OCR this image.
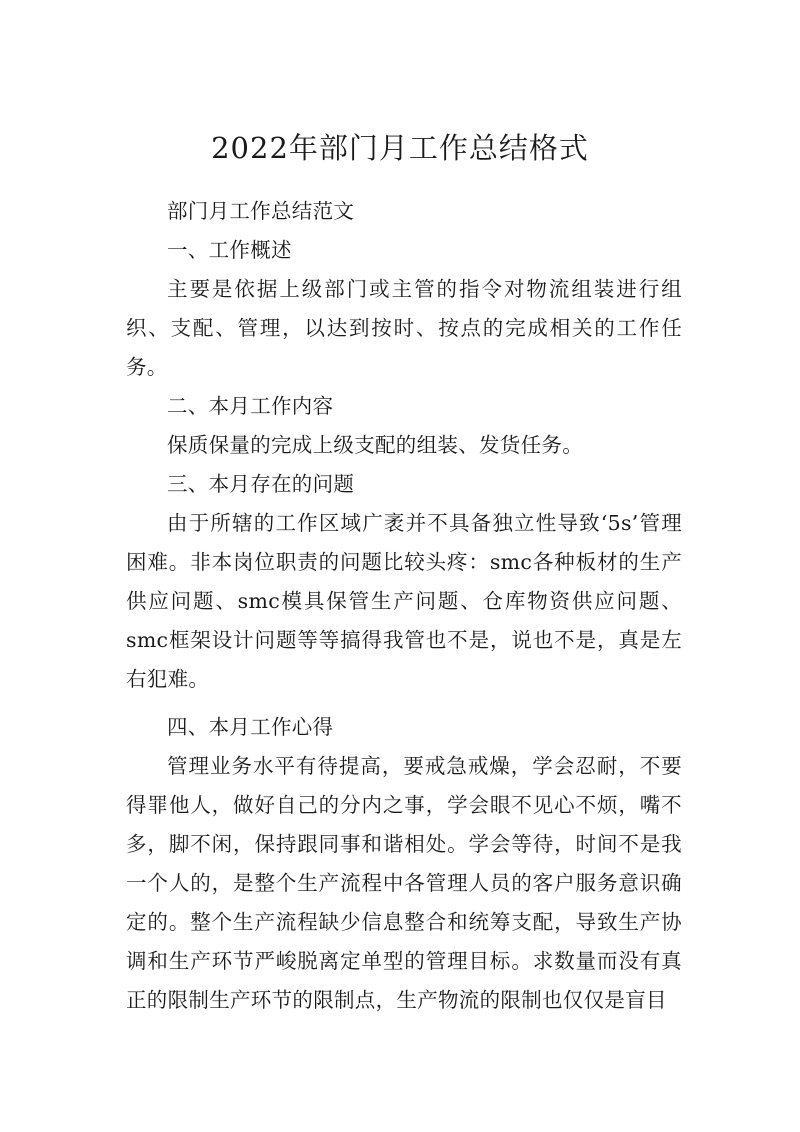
2022年部门月工作总结格式

部门月工作总结范文

一、工作概述

主要是依据上级部门或主管的指令对物流组装进行组织、支配、管理，以达到按时、按点的完成相关的工作任务。

二、本月工作内容

保质保量的完成上级支配的组装、发货任务。

三、本月存在的问题

由于所辖的工作区域广袤并不具备独立性导致‘5s’管理困难。非本岗位职责的问题比较头疼：smc各种板材的生产供应问题、smc模具保管生产问题、仓库物资供应问题、smc框架设计问题等等搞得我管也不是，说也不是，真是左右犯难。

四、本月工作心得

管理业务水平有待提高，要戒急戒燥，学会忍耐，不要得罪他人，做好自己的分内之事，学会眼不见心不烦，嘴不多，脚不闲，保持跟同事和谐相处。学会等待，时间不是我一个人的，是整个生产流程中各管理人员的客户服务意识确定的。整个生产流程缺少信息整合和统筹支配，导致生产协调和生产环节严峻脱离定单型的管理目标。求数量而没有真正的限制生产环节的限制点，生产物流的限制也仅仅是盲目
